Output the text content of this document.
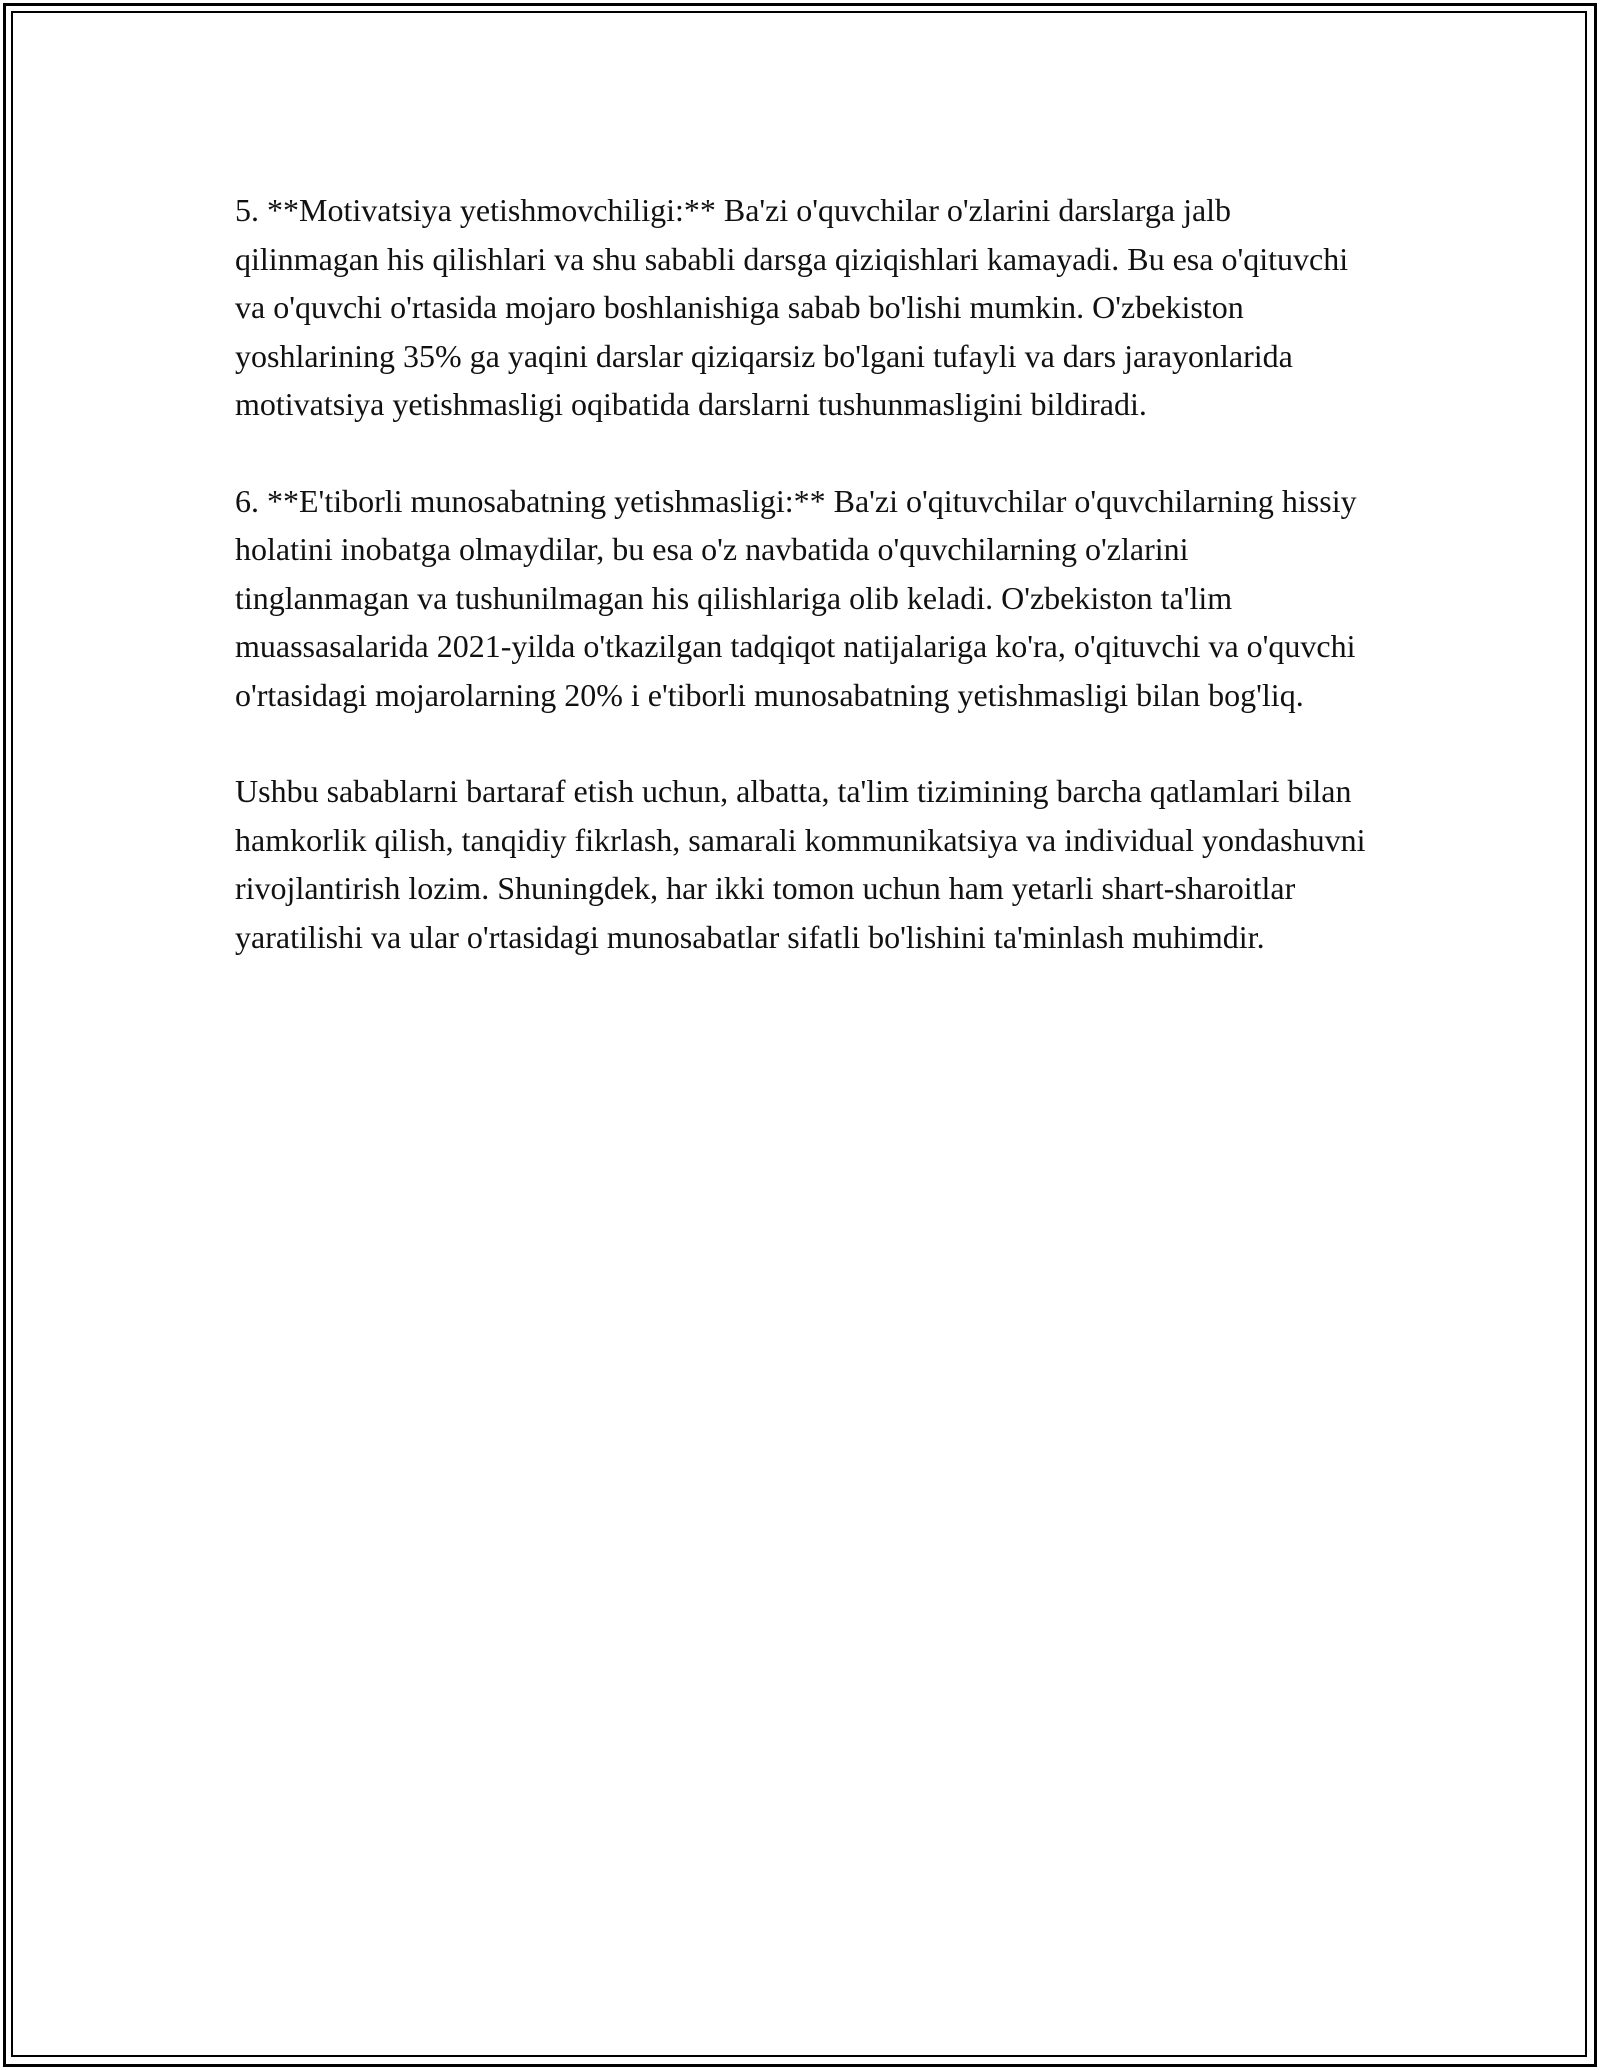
5. **Motivatsiya yetishmovchiligi:** Ba'zi o'quvchilar o'zlarini darslarga jalb qilinmagan his qilishlari va shu sababli darsga qiziqishlari kamayadi. Bu esa o'qituvchi va o'quvchi o'rtasida mojaro boshlanishiga sabab bo'lishi mumkin. O'zbekiston yoshlarining 35% ga yaqini darslar qiziqarsiz bo'lgani tufayli va dars jarayonlarida motivatsiya yetishmasligi oqibatida darslarni tushunmasligini bildiradi.

6. **E'tiborli munosabatning yetishmasligi:** Ba'zi o'qituvchilar o'quvchilarning hissiy holatini inobatga olmaydilar, bu esa o'z navbatida o'quvchilarning o'zlarini tinglanmagan va tushunilmagan his qilishlariga olib keladi. O'zbekiston ta'lim muassasalarida 2021-yilda o'tkazilgan tadqiqot natijalariga ko'ra, o'qituvchi va o'quvchi o'rtasidagi mojarolarning 20% i e'tiborli munosabatning yetishmasligi bilan bog'liq.

Ushbu sabablarni bartaraf etish uchun, albatta, ta'lim tizimining barcha qatlamlari bilan hamkorlik qilish, tanqidiy fikrlash, samarali kommunikatsiya va individual yondashuvni rivojlantirish lozim. Shuningdek, har ikki tomon uchun ham yetarli shart-sharoitlar yaratilishi va ular o'rtasidagi munosabatlar sifatli bo'lishini ta'minlash muhimdir.
